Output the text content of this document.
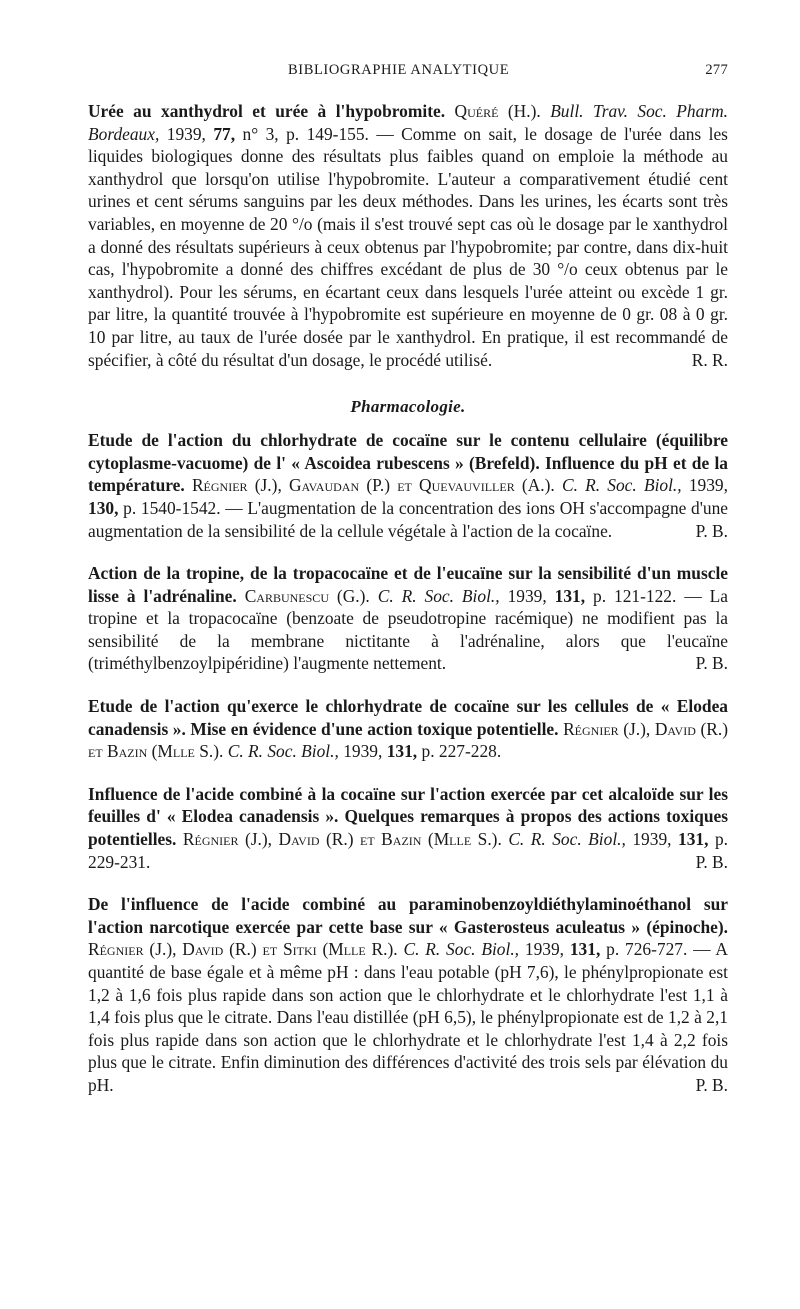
BIBLIOGRAPHIE ANALYTIQUE	277

Urée au xanthydrol et urée à l'hypobromite. Quéré (H.). Bull. Trav. Soc. Pharm. Bordeaux, 1939, 77, n° 3, p. 149-155. — Comme on sait, le dosage de l'urée dans les liquides biologiques donne des résultats plus faibles quand on emploie la méthode au xanthydrol que lorsqu'on utilise l'hypobromite. L'auteur a comparativement étudié cent urines et cent sérums sanguins par les deux méthodes. Dans les urines, les écarts sont très variables, en moyenne de 20 °/o (mais il s'est trouvé sept cas où le dosage par le xanthydrol a donné des résultats supérieurs à ceux obtenus par l'hypobromite; par contre, dans dix-huit cas, l'hypobromite a donné des chiffres excédant de plus de 30 °/o ceux obtenus par le xanthydrol). Pour les sérums, en écartant ceux dans lesquels l'urée atteint ou excède 1 gr. par litre, la quantité trouvée à l'hypobromite est supérieure en moyenne de 0 gr. 08 à 0 gr. 10 par litre, au taux de l'urée dosée par le xanthydrol. En pratique, il est recommandé de spécifier, à côté du résultat d'un dosage, le procédé utilisé.	R. R.

Pharmacologie.

Etude de l'action du chlorhydrate de cocaïne sur le contenu cellulaire (équilibre cytoplasme-vacuome) de l' « Ascoidea rubescens » (Brefeld). Influence du pH et de la température. Régnier (J.), Gavaudan (P.) et Quevauviller (A.). C. R. Soc. Biol., 1939, 130, p. 1540-1542. — L'augmentation de la concentration des ions OH s'accompagne d'une augmentation de la sensibilité de la cellule végétale à l'action de la cocaïne.	P. B.

Action de la tropine, de la tropacocaïne et de l'eucaïne sur la sensibilité d'un muscle lisse à l'adrénaline. Carbunescu (G.). C. R. Soc. Biol., 1939, 131, p. 121-122. — La tropine et la tropacocaïne (benzoate de pseudotropine racémique) ne modifient pas la sensibilité de la membrane nictitante à l'adrénaline, alors que l'eucaïne (triméthylbenzoylpipéridine) l'augmente nettement.	P. B.

Etude de l'action qu'exerce le chlorhydrate de cocaïne sur les cellules de « Elodea canadensis ». Mise en évidence d'une action toxique potentielle. Régnier (J.), David (R.) et Bazin (Mlle S.). C. R. Soc. Biol., 1939, 131, p. 227-228.

Influence de l'acide combiné à la cocaïne sur l'action exercée par cet alcaloïde sur les feuilles d' « Elodea canadensis ». Quelques remarques à propos des actions toxiques potentielles. Régnier (J.), David (R.) et Bazin (Mlle S.). C. R. Soc. Biol., 1939, 131, p. 229-231.	P. B.

De l'influence de l'acide combiné au paraminobenzoyldiéthylaminoéthanol sur l'action narcotique exercée par cette base sur « Gasterosteus aculeatus » (épinoche). Régnier (J.), David (R.) et Sitki (Mlle R.). C. R. Soc. Biol., 1939, 131, p. 726-727. — A quantité de base égale et à même pH : dans l'eau potable (pH 7,6), le phénylpropionate est 1,2 à 1,6 fois plus rapide dans son action que le chlorhydrate et le chlorhydrate l'est 1,1 à 1,4 fois plus que le citrate. Dans l'eau distillée (pH 6,5), le phénylpropionate est de 1,2 à 2,1 fois plus rapide dans son action que le chlorhydrate et le chlorhydrate l'est 1,4 à 2,2 fois plus que le citrate. Enfin diminution des différences d'activité des trois sels par élévation du pH.	P. B.
